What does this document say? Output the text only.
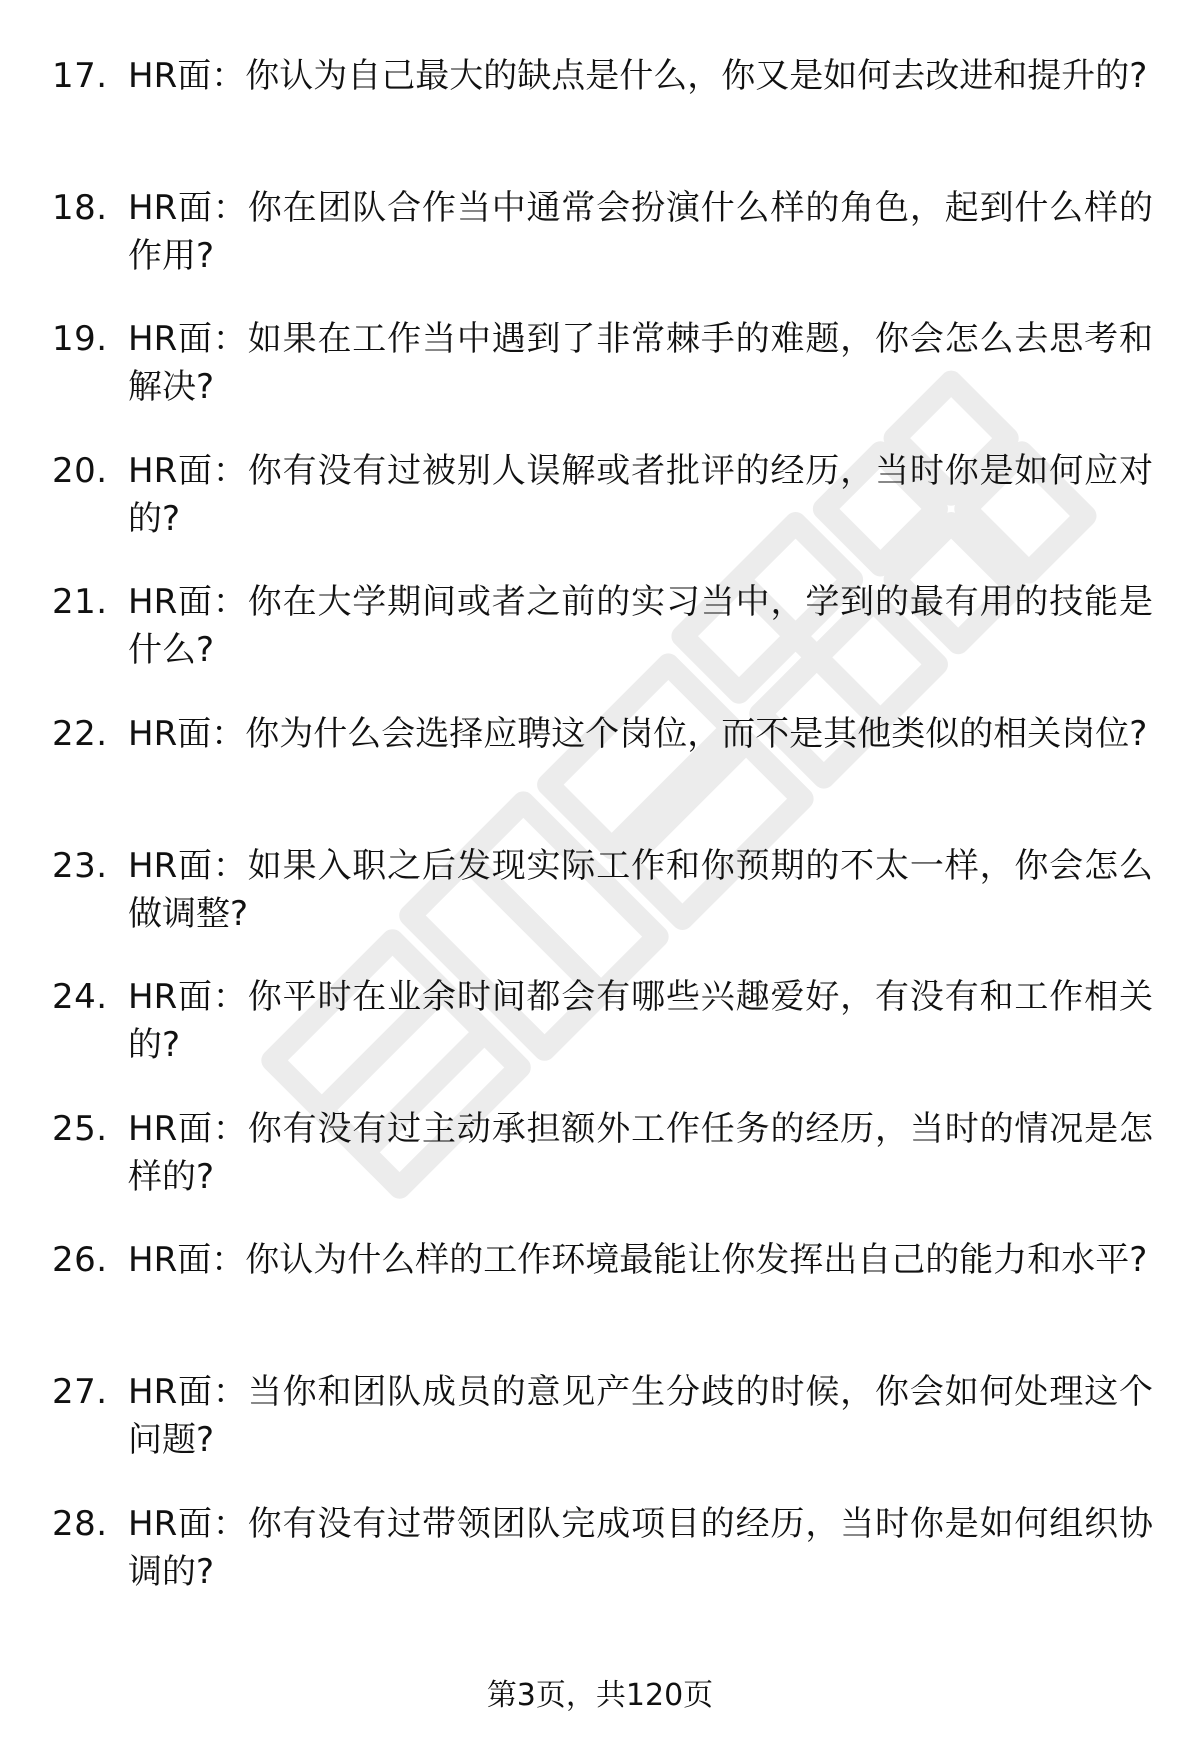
17. HR面：你认为自己最大的缺点是什么，你又是如何去改进和提升的?
18. HR面：你在团队合作当中通常会扮演什么样的角色，起到什么样的作用?
19. HR面：如果在工作当中遇到了非常棘手的难题，你会怎么去思考和解决?
20. HR面：你有没有过被别人误解或者批评的经历，当时你是如何应对的?
21. HR面：你在大学期间或者之前的实习当中，学到的最有用的技能是什么?
22. HR面：你为什么会选择应聘这个岗位，而不是其他类似的相关岗位?
23. HR面：如果入职之后发现实际工作和你预期的不太一样，你会怎么做调整?
24. HR面：你平时在业余时间都会有哪些兴趣爱好，有没有和工作相关的?
25. HR面：你有没有过主动承担额外工作任务的经历，当时的情况是怎样的?
26. HR面：你认为什么样的工作环境最能让你发挥出自己的能力和水平?
27. HR面：当你和团队成员的意见产生分歧的时候，你会如何处理这个问题?
28. HR面：你有没有过带领团队完成项目的经历，当时你是如何组织协调的?
第3页，共120页
